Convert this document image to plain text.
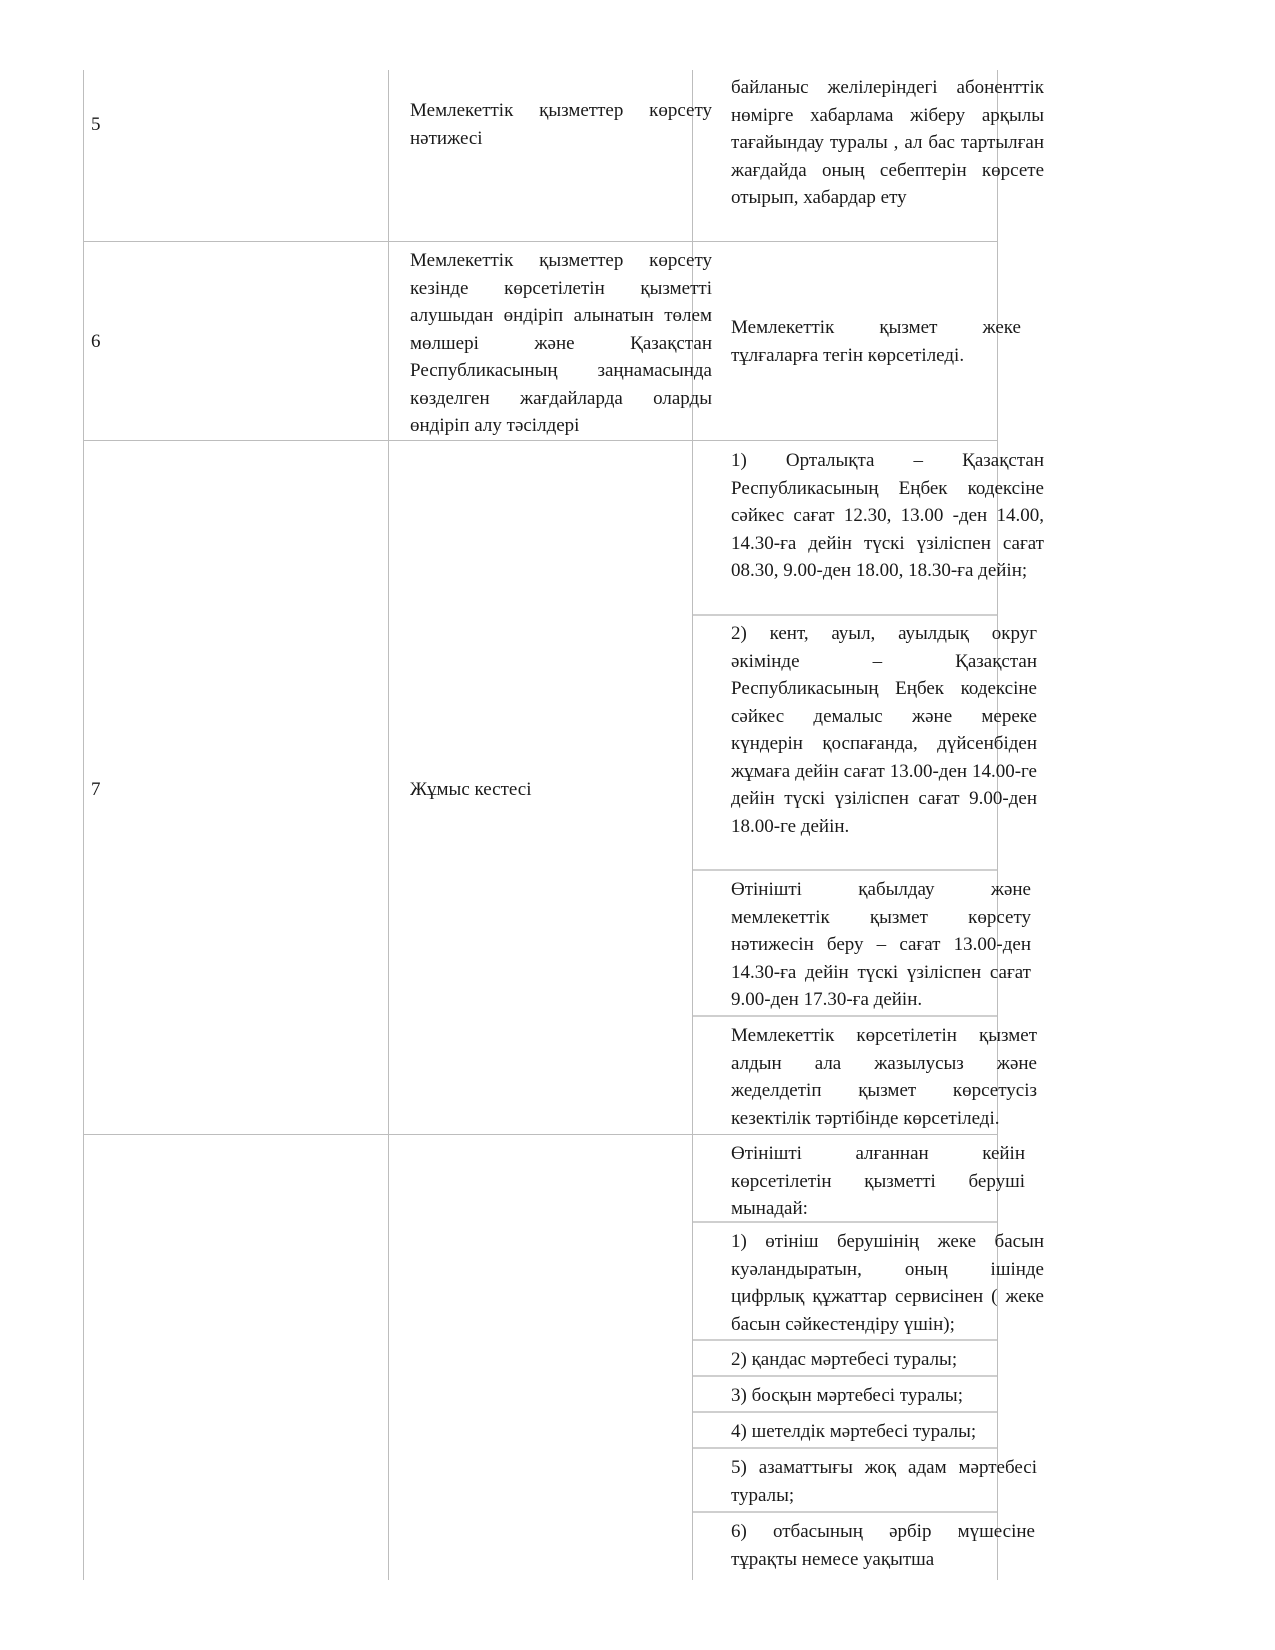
5
Мемлекеттік қызметтер көрсету нәтижесі
байланыс желілеріндегі абоненттік нөмірге хабарлама жіберу арқылы тағайындау туралы , ал бас тартылған жағдайда оның себептерін көрсете отырып, хабардар ету
6
Мемлекеттік қызметтер көрсету кезінде көрсетілетін қызметті алушыдан өндіріп алынатын төлем мөлшері және Қазақстан Республикасының заңнамасында көзделген жағдайларда оларды өндіріп алу тәсілдері
Мемлекеттік қызмет жеке тұлғаларға тегін көрсетіледі.
7	Жұмыс кестесі
1) Орталықта – Қазақстан Республикасының Еңбек кодексіне сәйкес сағат 12.30, 13.00 -ден 14.00, 14.30-ға дейін түскі үзіліспен сағат 08.30, 9.00-ден 18.00, 18.30-ға дейін;
2) кент, ауыл, ауылдық округ әкімінде – Қазақстан Республикасының Еңбек кодексіне сәйкес демалыс және мереке күндерін қоспағанда, дүйсенбіден жұмаға дейін сағат 13.00-ден 14.00-ге дейін түскі үзіліспен сағат 9.00-ден 18.00-ге дейін.
Өтінішті қабылдау және мемлекеттік қызмет көрсету нәтижесін беру – сағат 13.00-ден 14.30-ға дейін түскі үзіліспен сағат 9.00-ден 17.30-ға дейін.
Мемлекеттік көрсетілетін қызмет алдын ала жазылусыз және жеделдетіп қызмет көрсетусіз кезектілік тәртібінде көрсетіледі.
Өтінішті алғаннан кейін көрсетілетін қызметті беруші мынадай:
1) өтініш берушінің жеке басын куәландыратын, оның ішінде цифрлық құжаттар сервисінен ( жеке басын сәйкестендіру үшін);
2) қандас мәртебесі туралы;
3) босқын мәртебесі туралы;
4) шетелдік мәртебесі туралы;
5) азаматтығы жоқ адам мәртебесі туралы;
6) отбасының әрбір мүшесіне тұрақты немесе уақытша
